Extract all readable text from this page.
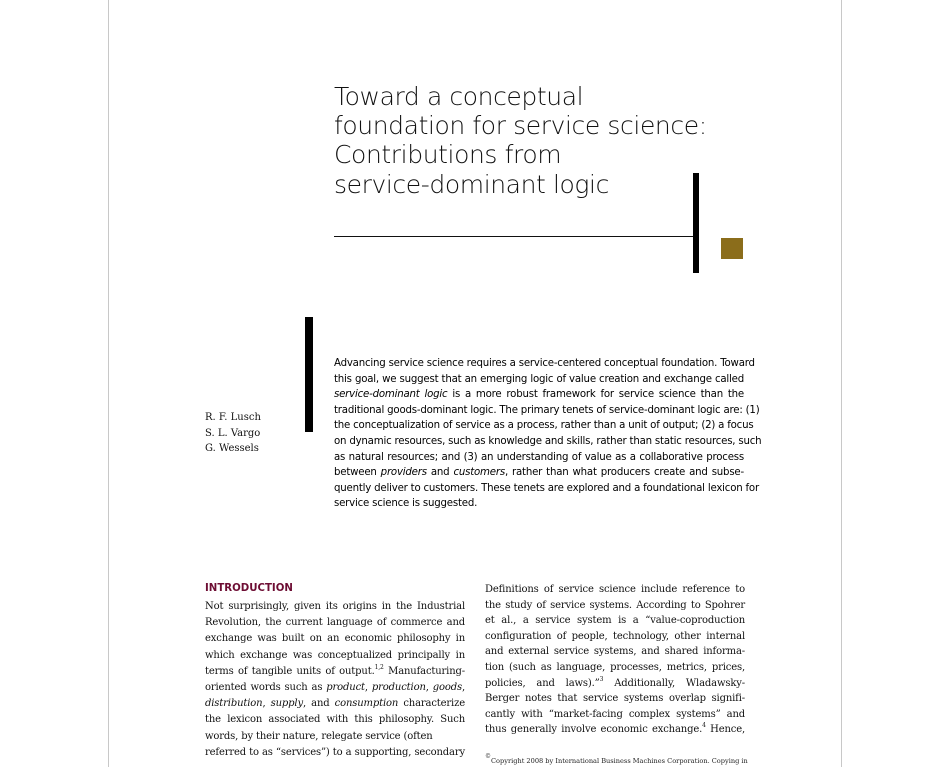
Toward a conceptual
foundation for service science:
Contributions from
service-dominant logic
R. F. Lusch
S. L. Vargo
G. Wessels
Advancing service science requires a service-centered conceptual foundation. Toward
this goal, we suggest that an emerging logic of value creation and exchange called
service-dominant logic is a more robust framework for service science than the
traditional goods-dominant logic. The primary tenets of service-dominant logic are: (1)
the conceptualization of service as a process, rather than a unit of output; (2) a focus
on dynamic resources, such as knowledge and skills, rather than static resources, such
as natural resources; and (3) an understanding of value as a collaborative process
between providers and customers, rather than what producers create and subse-
quently deliver to customers. These tenets are explored and a foundational lexicon for
service science is suggested.
INTRODUCTION
Not surprisingly, given its origins in the Industrial
Revolution, the current language of commerce and
exchange was built on an economic philosophy in
which exchange was conceptualized principally in
terms of tangible units of output.$^{1,2}$ Manufacturing-
oriented words such as product, production, goods,
distribution, supply, and consumption characterize
the lexicon associated with this philosophy. Such
words, by their nature, relegate service (often
referred to as “services”) to a supporting, secondary
Definitions of service science include reference to
the study of service systems. According to Spohrer
et al., a service system is a “value-coproduction
configuration of people, technology, other internal
and external service systems, and shared informa-
tion (such as language, processes, metrics, prices,
policies, and laws).”$^3$ Additionally, Wladawsky-
Berger notes that service systems overlap signifi-
cantly with “market-facing complex systems” and
thus generally involve economic exchange.$^4$ Hence,
©Copyright 2008 by International Business Machines Corporation. Copying in
